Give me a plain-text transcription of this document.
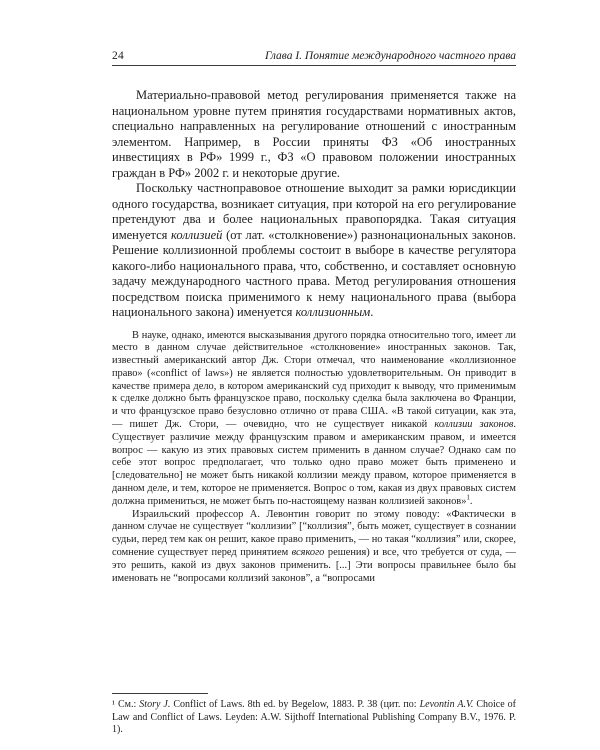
24	Глава I. Понятие международного частного права

Материально-правовой метод регулирования применяется также на национальном уровне путем принятия государствами нормативных актов, специально направленных на регулирование отношений с иностранным элементом. Например, в России приняты ФЗ «Об иностранных инвестициях в РФ» 1999 г., ФЗ «О правовом положении иностранных граждан в РФ» 2002 г. и некоторые другие.

Поскольку частноправовое отношение выходит за рамки юрисдикции одного государства, возникает ситуация, при которой на его регулирование претендуют два и более национальных правопорядка. Такая ситуация именуется коллизией (от лат. «столкновение») разнонациональных законов. Решение коллизионной проблемы состоит в выборе в качестве регулятора какого-либо национального права, что, собственно, и составляет основную задачу международного частного права. Метод регулирования отношения посредством поиска применимого к нему национального права (выбора национального закона) именуется коллизионным.

В науке, однако, имеются высказывания другого порядка относительно того, имеет ли место в данном случае действительное «столкновение» иностранных законов. Так, известный американский автор Дж. Стори отмечал, что наименование «коллизионное право» («conflict of laws») не является полностью удовлетворительным. Он приводит в качестве примера дело, в котором американский суд приходит к выводу, что применимым к сделке должно быть французское право, поскольку сделка была заключена во Франции, и что французское право безусловно отлично от права США. «В такой ситуации, как эта, — пишет Дж. Стори, — очевидно, что не существует никакой коллизии законов. Существует различие между французским правом и американским правом, и имеется вопрос — какую из этих правовых систем применить в данном случае? Однако сам по себе этот вопрос предполагает, что только одно право может быть применено и [следовательно] не может быть никакой коллизии между правом, которое применяется в данном деле, и тем, которое не применяется. Вопрос о том, какая из двух правовых систем должна примениться, не может быть по-настоящему назван коллизией законов»$^1$.

Израильский профессор А. Левонтин говорит по этому поводу: «Фактически в данном случае не существует “коллизии” [“коллизия”, быть может, существует в сознании судьи, перед тем как он решит, какое право применить, — но такая “коллизия” или, скорее, сомнение существует перед принятием всякого решения) и все, что требуется от суда, — это решить, какой из двух законов применить. [...] Эти вопросы правильнее было бы именовать не “вопросами коллизий законов”, а “вопросами

¹ См.: Story J. Conflict of Laws. 8th ed. by Begelow, 1883. P. 38 (цит. по: Levontin A.V. Choice of Law and Conflict of Laws. Leyden: A.W. Sijthoff International Publishing Company B.V., 1976. P. 1).
